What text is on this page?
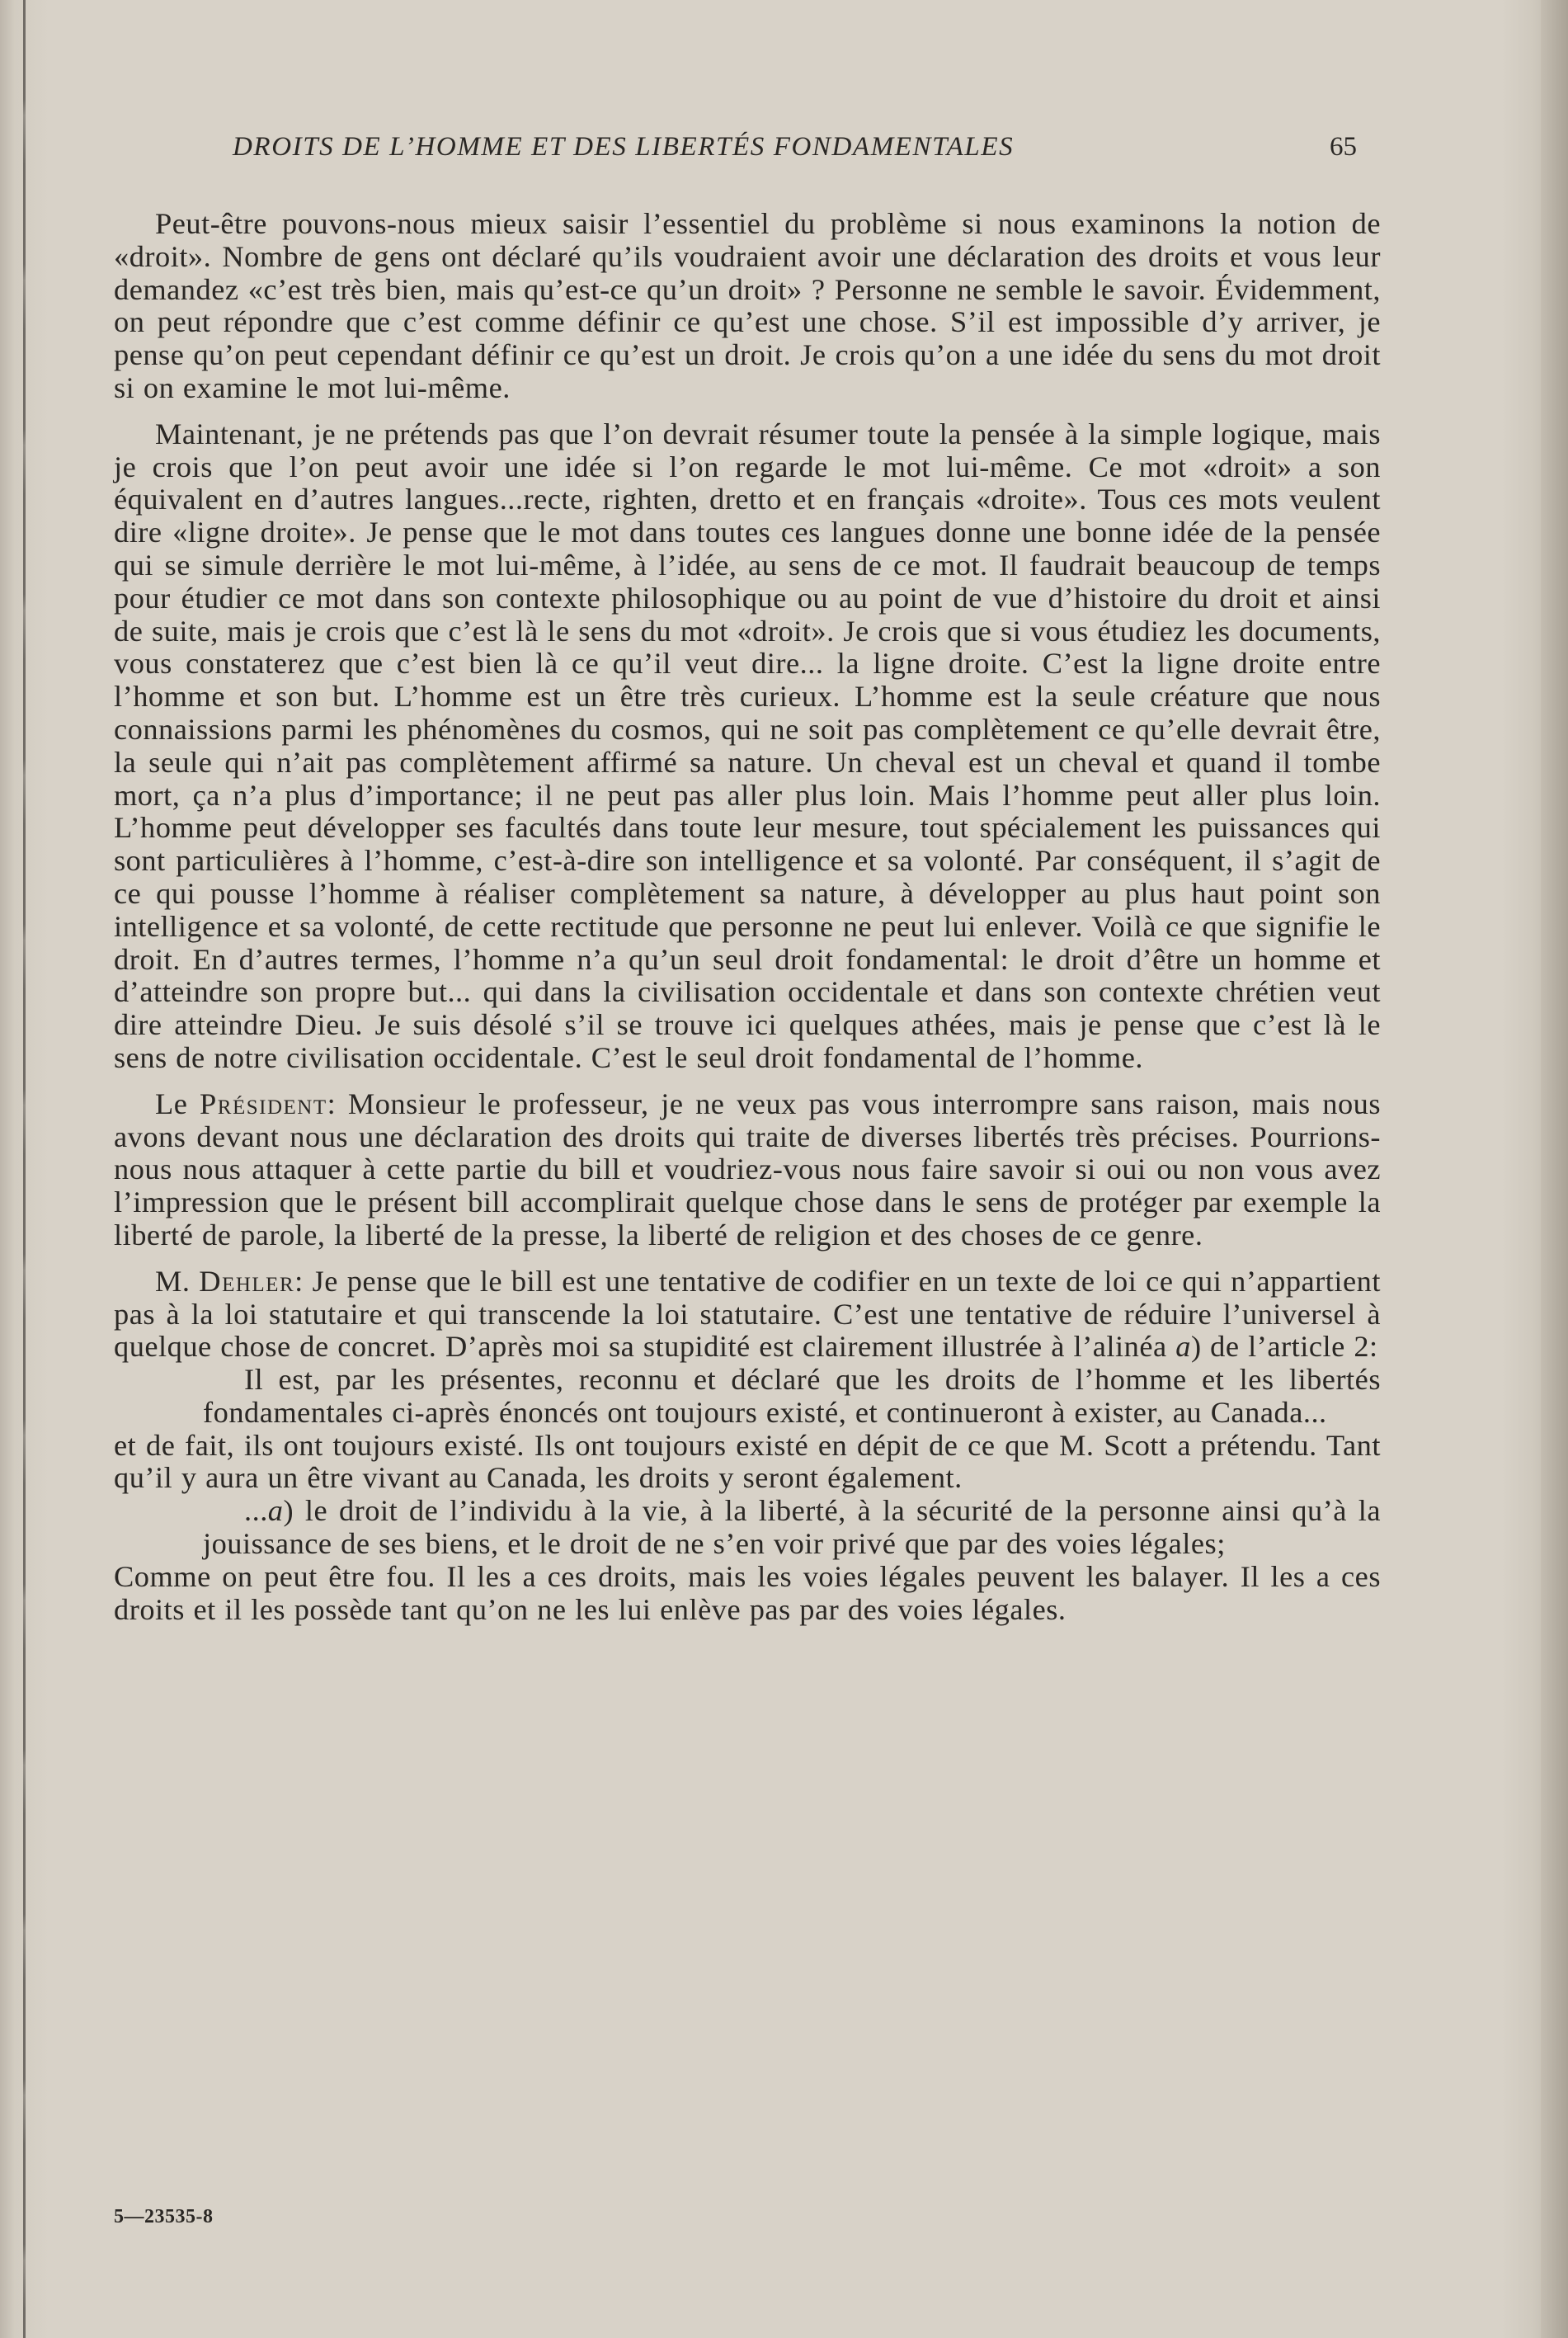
DROITS DE L’HOMME ET DES LIBERTÉS FONDAMENTALES	65

Peut-être pouvons-nous mieux saisir l’essentiel du problème si nous examinons la notion de «droit». Nombre de gens ont déclaré qu’ils voudraient avoir une déclaration des droits et vous leur demandez «c’est très bien, mais qu’est-ce qu’un droit» ? Personne ne semble le savoir. Évidemment, on peut répondre que c’est comme définir ce qu’est une chose. S’il est impossible d’y arriver, je pense qu’on peut cependant définir ce qu’est un droit. Je crois qu’on a une idée du sens du mot droit si on examine le mot lui-même.

Maintenant, je ne prétends pas que l’on devrait résumer toute la pensée à la simple logique, mais je crois que l’on peut avoir une idée si l’on regarde le mot lui-même. Ce mot «droit» a son équivalent en d’autres langues...recte, righten, dretto et en français «droite». Tous ces mots veulent dire «ligne droite». Je pense que le mot dans toutes ces langues donne une bonne idée de la pensée qui se simule derrière le mot lui-même, à l’idée, au sens de ce mot. Il faudrait beaucoup de temps pour étudier ce mot dans son contexte philosophique ou au point de vue d’histoire du droit et ainsi de suite, mais je crois que c’est là le sens du mot «droit». Je crois que si vous étudiez les documents, vous constaterez que c’est bien là ce qu’il veut dire... la ligne droite. C’est la ligne droite entre l’homme et son but. L’homme est un être très curieux. L’homme est la seule créature que nous connaissions parmi les phénomènes du cosmos, qui ne soit pas complètement ce qu’elle devrait être, la seule qui n’ait pas complètement affirmé sa nature. Un cheval est un cheval et quand il tombe mort, ça n’a plus d’importance; il ne peut pas aller plus loin. Mais l’homme peut aller plus loin. L’homme peut développer ses facultés dans toute leur mesure, tout spécialement les puissances qui sont particulières à l’homme, c’est-à-dire son intelligence et sa volonté. Par conséquent, il s’agit de ce qui pousse l’homme à réaliser complètement sa nature, à développer au plus haut point son intelligence et sa volonté, de cette rectitude que personne ne peut lui enlever. Voilà ce que signifie le droit. En d’autres termes, l’homme n’a qu’un seul droit fondamental: le droit d’être un homme et d’atteindre son propre but... qui dans la civilisation occidentale et dans son contexte chrétien veut dire atteindre Dieu. Je suis désolé s’il se trouve ici quelques athées, mais je pense que c’est là le sens de notre civilisation occidentale. C’est le seul droit fondamental de l’homme.

Le Président: Monsieur le professeur, je ne veux pas vous interrompre sans raison, mais nous avons devant nous une déclaration des droits qui traite de diverses libertés très précises. Pourrions-nous nous attaquer à cette partie du bill et voudriez-vous nous faire savoir si oui ou non vous avez l’impression que le présent bill accomplirait quelque chose dans le sens de protéger par exemple la liberté de parole, la liberté de la presse, la liberté de religion et des choses de ce genre.

M. Dehler: Je pense que le bill est une tentative de codifier en un texte de loi ce qui n’appartient pas à la loi statutaire et qui transcende la loi statutaire. C’est une tentative de réduire l’universel à quelque chose de concret. D’après moi sa stupidité est clairement illustrée à l’alinéa a) de l’article 2:

Il est, par les présentes, reconnu et déclaré que les droits de l’homme et les libertés fondamentales ci-après énoncés ont toujours existé, et continueront à exister, au Canada...

et de fait, ils ont toujours existé. Ils ont toujours existé en dépit de ce que M. Scott a prétendu. Tant qu’il y aura un être vivant au Canada, les droits y seront également.

...a) le droit de l’individu à la vie, à la liberté, à la sécurité de la personne ainsi qu’à la jouissance de ses biens, et le droit de ne s’en voir privé que par des voies légales;

Comme on peut être fou. Il les a ces droits, mais les voies légales peuvent les balayer. Il les a ces droits et il les possède tant qu’on ne les lui enlève pas par des voies légales.

5—23535-8
